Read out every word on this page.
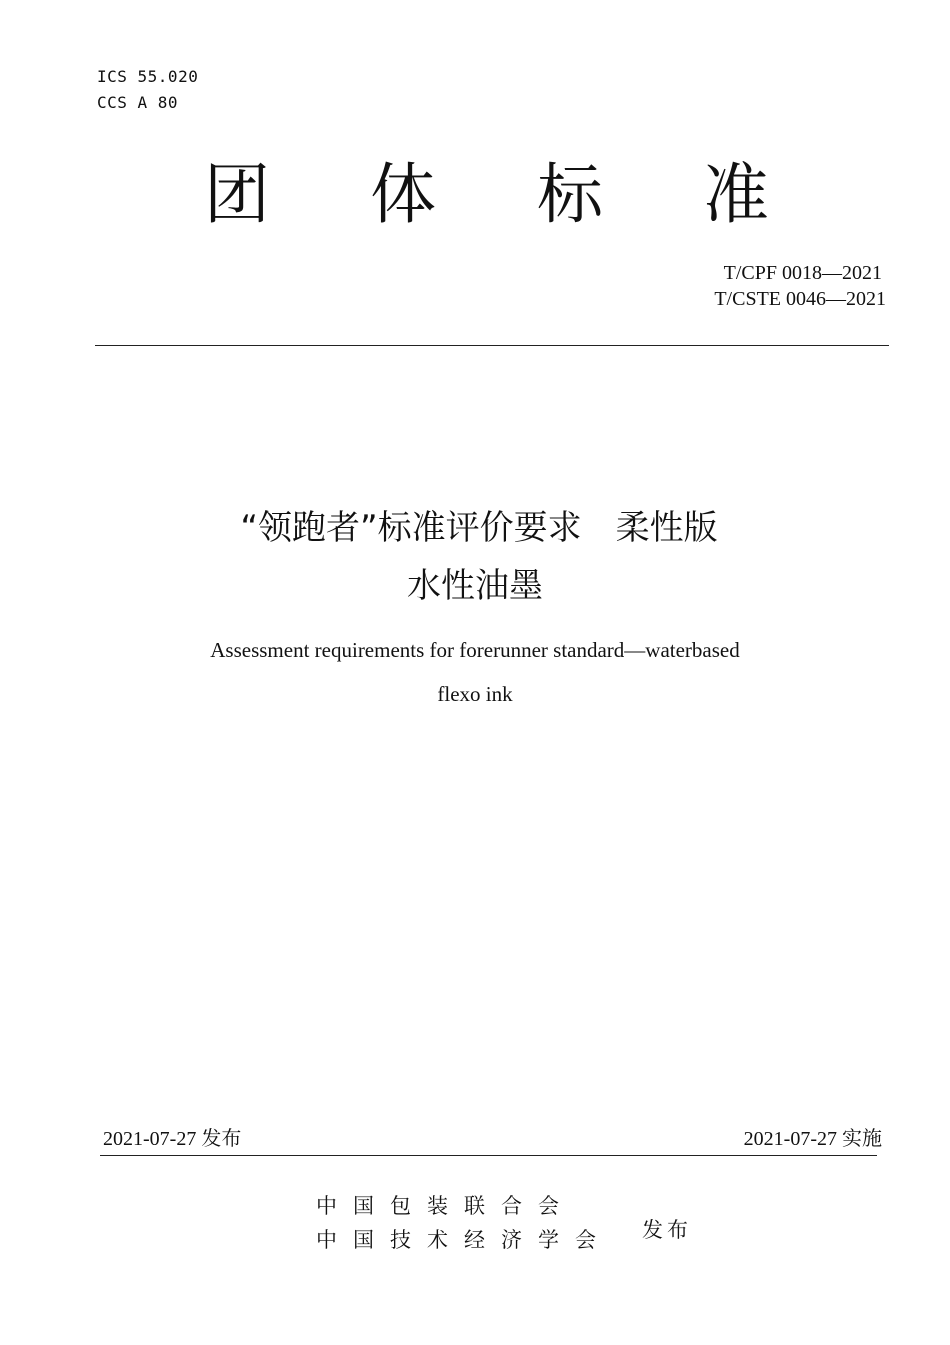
ICS 55.020
CCS A 80
团 体 标 准
T/CPF 0018—2021
T/CSTE 0046—2021
“领跑者”标准评价要求　柔性版
水性油墨
Assessment requirements for forerunner standard—waterbased
flexo ink
2021-07-27 发布	2021-07-27 实施
中国包装联合会
中国技术经济学会 发布
